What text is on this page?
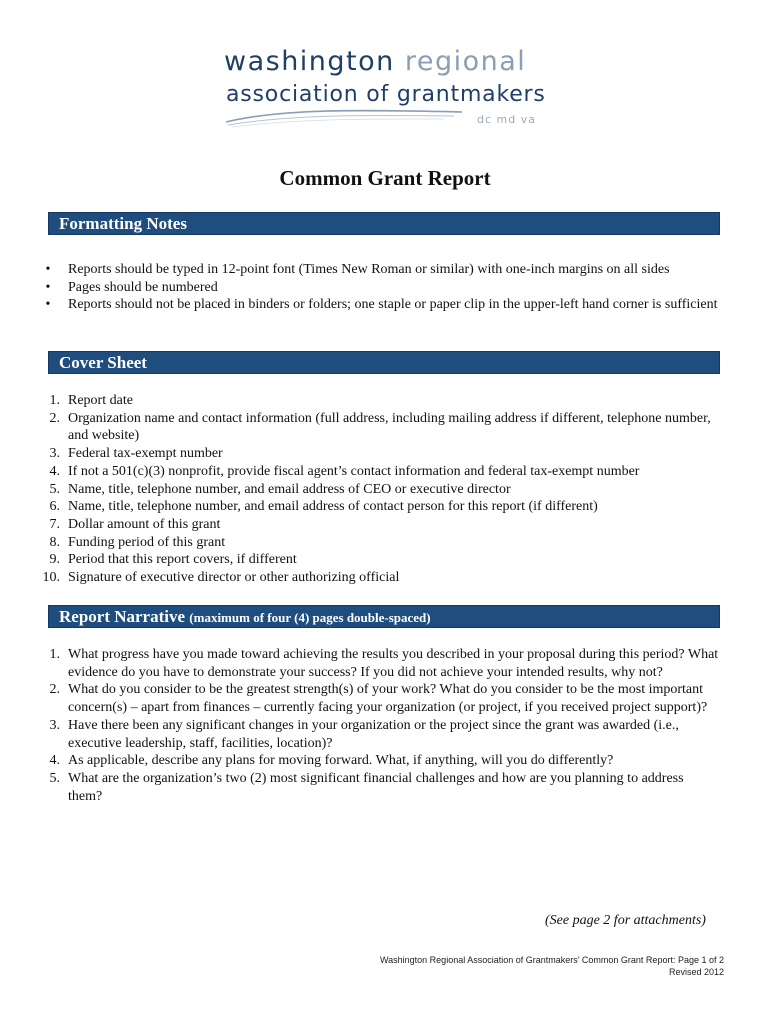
washington regional
association of grantmakers
dc md va
Common Grant Report
Formatting Notes
• Reports should be typed in 12-point font (Times New Roman or similar) with one-inch margins on all sides
• Pages should be numbered
• Reports should not be placed in binders or folders; one staple or paper clip in the upper-left hand corner is sufficient
Cover Sheet
1. Report date
2. Organization name and contact information (full address, including mailing address if different, telephone number, and website)
3. Federal tax-exempt number
4. If not a 501(c)(3) nonprofit, provide fiscal agent’s contact information and federal tax-exempt number
5. Name, title, telephone number, and email address of CEO or executive director
6. Name, title, telephone number, and email address of contact person for this report (if different)
7. Dollar amount of this grant
8. Funding period of this grant
9. Period that this report covers, if different
10. Signature of executive director or other authorizing official
Report Narrative (maximum of four (4) pages double-spaced)
1. What progress have you made toward achieving the results you described in your proposal during this period? What evidence do you have to demonstrate your success? If you did not achieve your intended results, why not?
2. What do you consider to be the greatest strength(s) of your work? What do you consider to be the most important concern(s) – apart from finances – currently facing your organization (or project, if you received project support)?
3. Have there been any significant changes in your organization or the project since the grant was awarded (i.e., executive leadership, staff, facilities, location)?
4. As applicable, describe any plans for moving forward. What, if anything, will you do differently?
5. What are the organization’s two (2) most significant financial challenges and how are you planning to address them?
(See page 2 for attachments)
Washington Regional Association of Grantmakers’ Common Grant Report: Page 1 of 2
Revised 2012
